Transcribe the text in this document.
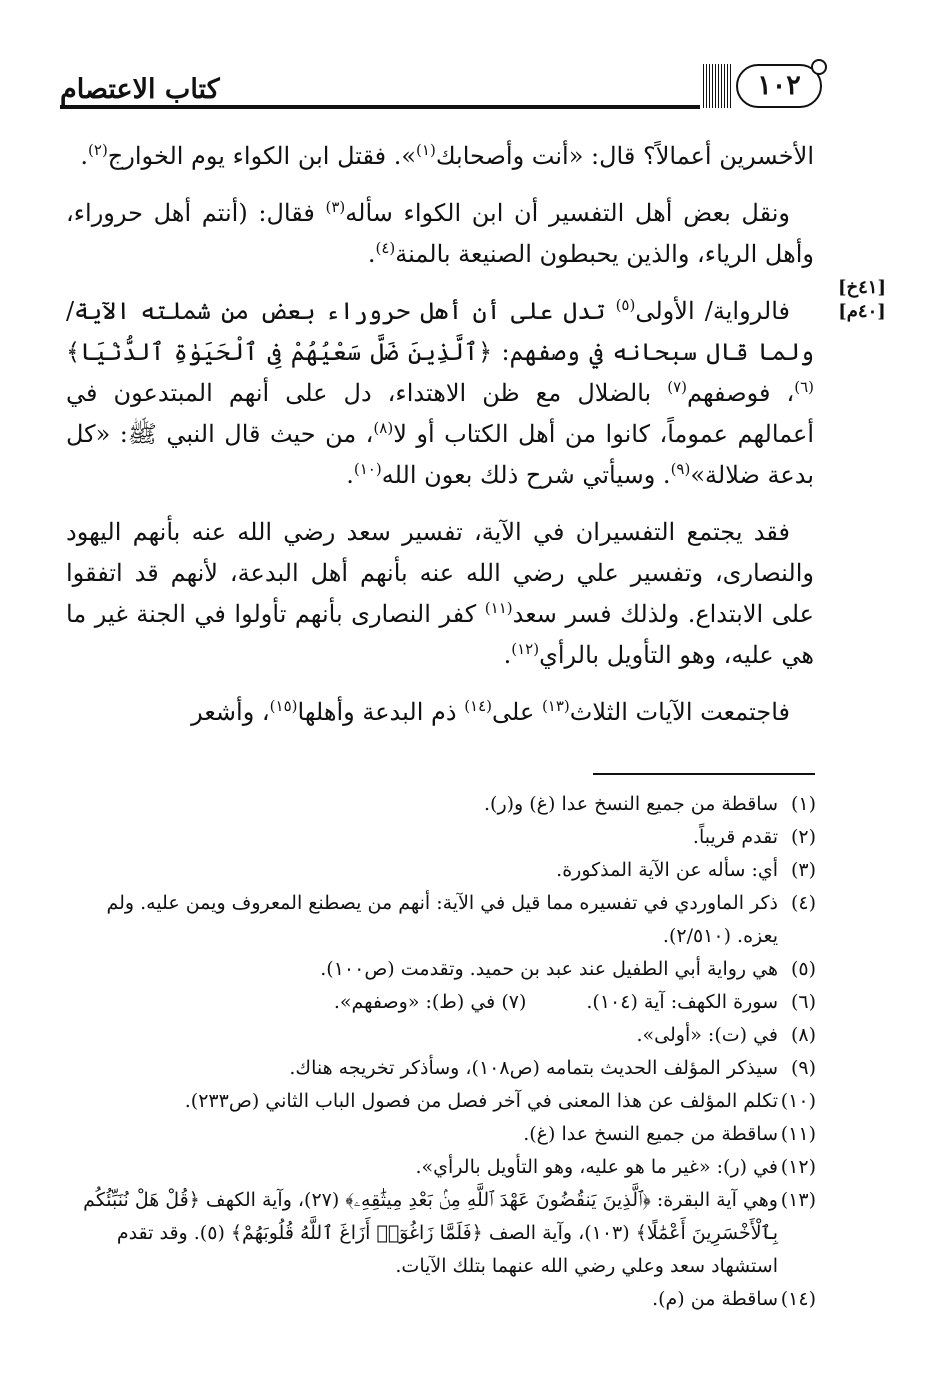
كتاب الاعتصام	١٠٢
[٤١خ]
[٤٠م]

الأخسرين أعمالاً؟ قال: «أنت وأصحابك$^{(١)}$». فقتل ابن الكواء يوم الخوارج$^{(٢)}$.

 ونقل بعض أهل التفسير أن ابن الكواء سأله$^{(٣)}$ فقال: (أنتم أهل حروراء، وأهل الرياء، والذين يحبطون الصنيعة بالمنة$^{(٤)}$.

 فالرواية/ الأولى$^{(٥)}$ تدل على أن أهل حروراء بعض من شملته الآية/ ولما قال سبحانه في وصفهم: ﴿ٱلَّذِينَ ضَلَّ سَعْيُهُمْ فِى ٱلْحَيَوٰةِ ٱلدُّنْيَا﴾$^{(٦)}$، فوصفهم$^{(٧)}$ بالضلال مع ظن الاهتداء، دل على أنهم المبتدعون في أعمالهم عموماً، كانوا من أهل الكتاب أو لا$^{(٨)}$، من حيث قال النبي ﷺ: «كل بدعة ضلالة»$^{(٩)}$. وسيأتي شرح ذلك بعون الله$^{(١٠)}$.

 فقد يجتمع التفسيران في الآية، تفسير سعد رضي الله عنه بأنهم اليهود والنصارى، وتفسير علي رضي الله عنه بأنهم أهل البدعة، لأنهم قد اتفقوا على الابتداع. ولذلك فسر سعد$^{(١١)}$ كفر النصارى بأنهم تأولوا في الجنة غير ما هي عليه، وهو التأويل بالرأي$^{(١٢)}$.

 فاجتمعت الآيات الثلاث$^{(١٣)}$ على$^{(١٤)}$ ذم البدعة وأهلها$^{(١٥)}$، وأشعر

(١)
ساقطة من جميع النسخ عدا (غ) و(ر).
(٢)
تقدم قريباً.
(٣)
أي: سأله عن الآية المذكورة.
(٤)
ذكر الماوردي في تفسيره مما قيل في الآية: أنهم من يصطنع المعروف ويمن عليه. ولم يعزه. (٢/٥١٠).
(٥)
هي رواية أبي الطفيل عند عبد بن حميد. وتقدمت (ص١٠٠).
(٦)
سورة الكهف: آية (١٠٤).(٧) في (ط): «وصفهم».
(٨)
في (ت): «أولى».
(٩)
سيذكر المؤلف الحديث بتمامه (ص١٠٨)، وسأذكر تخريجه هناك.
(١٠)
تكلم المؤلف عن هذا المعنى في آخر فصل من فصول الباب الثاني (ص٢٣٣).
(١١)
ساقطة من جميع النسخ عدا (غ).
(١٢)
في (ر): «غير ما هو عليه، وهو التأويل بالرأي».
(١٣)
وهي آية البقرة: ﴿ٱلَّذِينَ يَنقُضُونَ عَهْدَ ٱللَّهِ مِنۢ بَعْدِ مِيثَٰقِهِۦ﴾ (٢٧)، وآية الكهف ﴿قُلْ هَلْ نُنَبِّئُكُم بِٱلْأَخْسَرِينَ أَعْمَٰلًا﴾ (١٠٣)، وآية الصف ﴿فَلَمَّا زَاغُوٓا۟ أَزَاغَ ٱللَّهُ قُلُوبَهُمْ﴾ (٥). وقد تقدم استشهاد سعد وعلي رضي الله عنهما بتلك الآيات.
(١٤)
ساقطة من (م).
